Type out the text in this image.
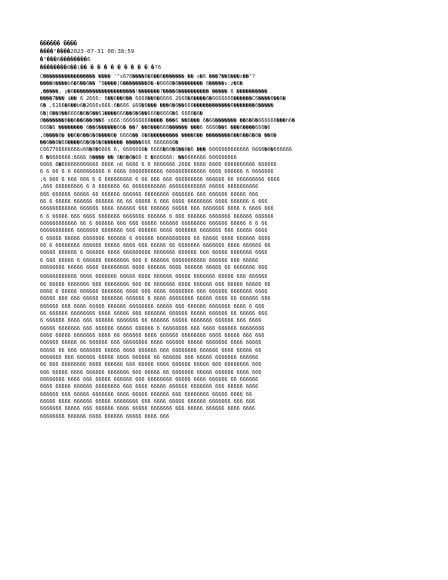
������ ����
����"����2023-07-31 08:38:59
�"���6��������6
��������6��(�� � � � � � � � � � �?6
C����������������� ���� '"s6?6����6�6��6������� �� s�6 ���7��6���s��"?
����h����b6�6��6�� "6����|6��������8�-�6666�6�������� 6�����s:z�6�
,�����, y�6��������������������!�������?����6���������� ����� 6 ����������
����7��� $�� 6 2666: 6��6��6�� 6666��6�6666 2666�6����6�6666666������C6����6��6�
6� ,6166�6��b6�2666s666:6�666 $66�6��� ���6�6��666������������6�������6�����
6�|6��0��6666�6�6��61����666��6�6��666�6666�6 6666�6�
0�������6��6��6��0��6 s666:666666666���� ���6 ��6��� 6�66������� ��6�6�666666���h6�
666�6 �������� 6��6������66� ��? ��6���666������ ���6 6666��6 ���6����666�6
,6����6� ��6�6��6�6����6� 6666�� 6�6��������� ����6�� ��������6��6��6�6� ��6�
��6��6�66����66�6�6�6������ �����666 6666666�
C667766666666s66�6�6666 6, 6666666� 6666�66�6��6�6 ��� 6666666666666 6666�6�666666
6 �6666666:6666 6���� �� 6�6�6�66 6 �666666: ��6666666 666666666
6666 6�666666666666 6666 n6 6666 6 6 6666666 2666 6666 6666 6666666666 666666
6 6 66 6 6 6666666666 6 6666 66666666666 6666666666666 6666 666666 6 6666666
;6 666 6 666 666 6 6 666666666 6 66 666 666 666666666 666666 66 666666666 6666
,666 666666666 6 6 6666666 66 66666666666 666666666666 66666 6666666666
666 666666 66666 66 666666 666666 66666666 6666666 666 666666 66666 666
66 6 66666 666666 666666 66 66 66666 6 666 6666 66666666 6666 666666 6 666
666666666666 666666 6666 666666 666 666666 66666 666 6666666 6666 6 6666 666
6 6 66666 666 6666 6666666 6666666 666666 6 666 666666 6666666 666666 666666
666666666666 66 6 666666 666 666 66666 666666 66666666 666666 66666 6 6 66
66666666666 6666666 6666666 666 666666 6666 6666666 6666666 666 66666 6666
6 66666 66666 6666666 666666 6 666666 66666666666 66 66666 6666 666666 6666
66 6 66666666 666666 66666 6666 666 66666 66 6666666 6666666 6666 666666 66
66666 666666 6 666666 6666 666666666 6666666 666666 666 66666 6666666 6666
6 666 66666 6 666666 66666666 666 6 666666 66666666666 666666 666 66666
66666666 66666 6666 666666666 6666 666666 6666 666666 66666 66 6666666 666
666666666666 6666 6666666 66666 6666 666666 66666 6666666 66666 666 666666
66 66666 6666666 666 66666666 666 66 6666666 6666 666666 666 66666 66666 66
6666 6 66666 666666 6666666 6666 666 6666 66666666 666 666666 6666666 6666
66666 666 666 66666 6666666 666666 6 6666 66666666 66666 6666 66 666666 666
666666 666 6666 66666 666666 66666666 66666 666 666666 6666666 6666 6 666
66 666666 66666666 6666 66666 666 6666666 666666 66666 666666 66 66666 666
6 666666 6666 666 666666 6666666 66 666666 66666 6666666 666666 666 6666
66666 6666666 666 666666 66666 666666 6 66666666 666 6666 666666 66666666
6666 66666 6666666 6666 66 666666 6666 666666 66666666 6666 66666 666 666
666666 66666 66 666666 666 66666666 6666 666666 66666 6666666 6666 66666
66666 66 666 6666666 66666 6666 666666 666 66666666 666666 6666 66666 66
6666666 666 666666 66666 6666 666666 66 666666 666 66666 6666666 666666
66 666 66666666 6666 666666 666 66666 6666 666666 66666 666 66666666 666
666 66666 6666 666666 6666666 666 66666 66 6666666 66666 666666 6666 666
66666666 6666 666 66666 666666 666 66666666 66666 6666 666666 66 666666
6666 66666 666666 66666666 666 6666 66666 666666 6666666 666 66666 6666
666666 666 66666 6666666 6666 66666 666666 666 66666666 66666 6666 66
66666 6666 666666 66666 66666666 666 6666 66666 666666 6666666 666 666
6666666 66666 666 666666 6666 66666 6666666 666 66666 666666 6666 6666
66666666 666666 6666 666666 66666 6666 666
